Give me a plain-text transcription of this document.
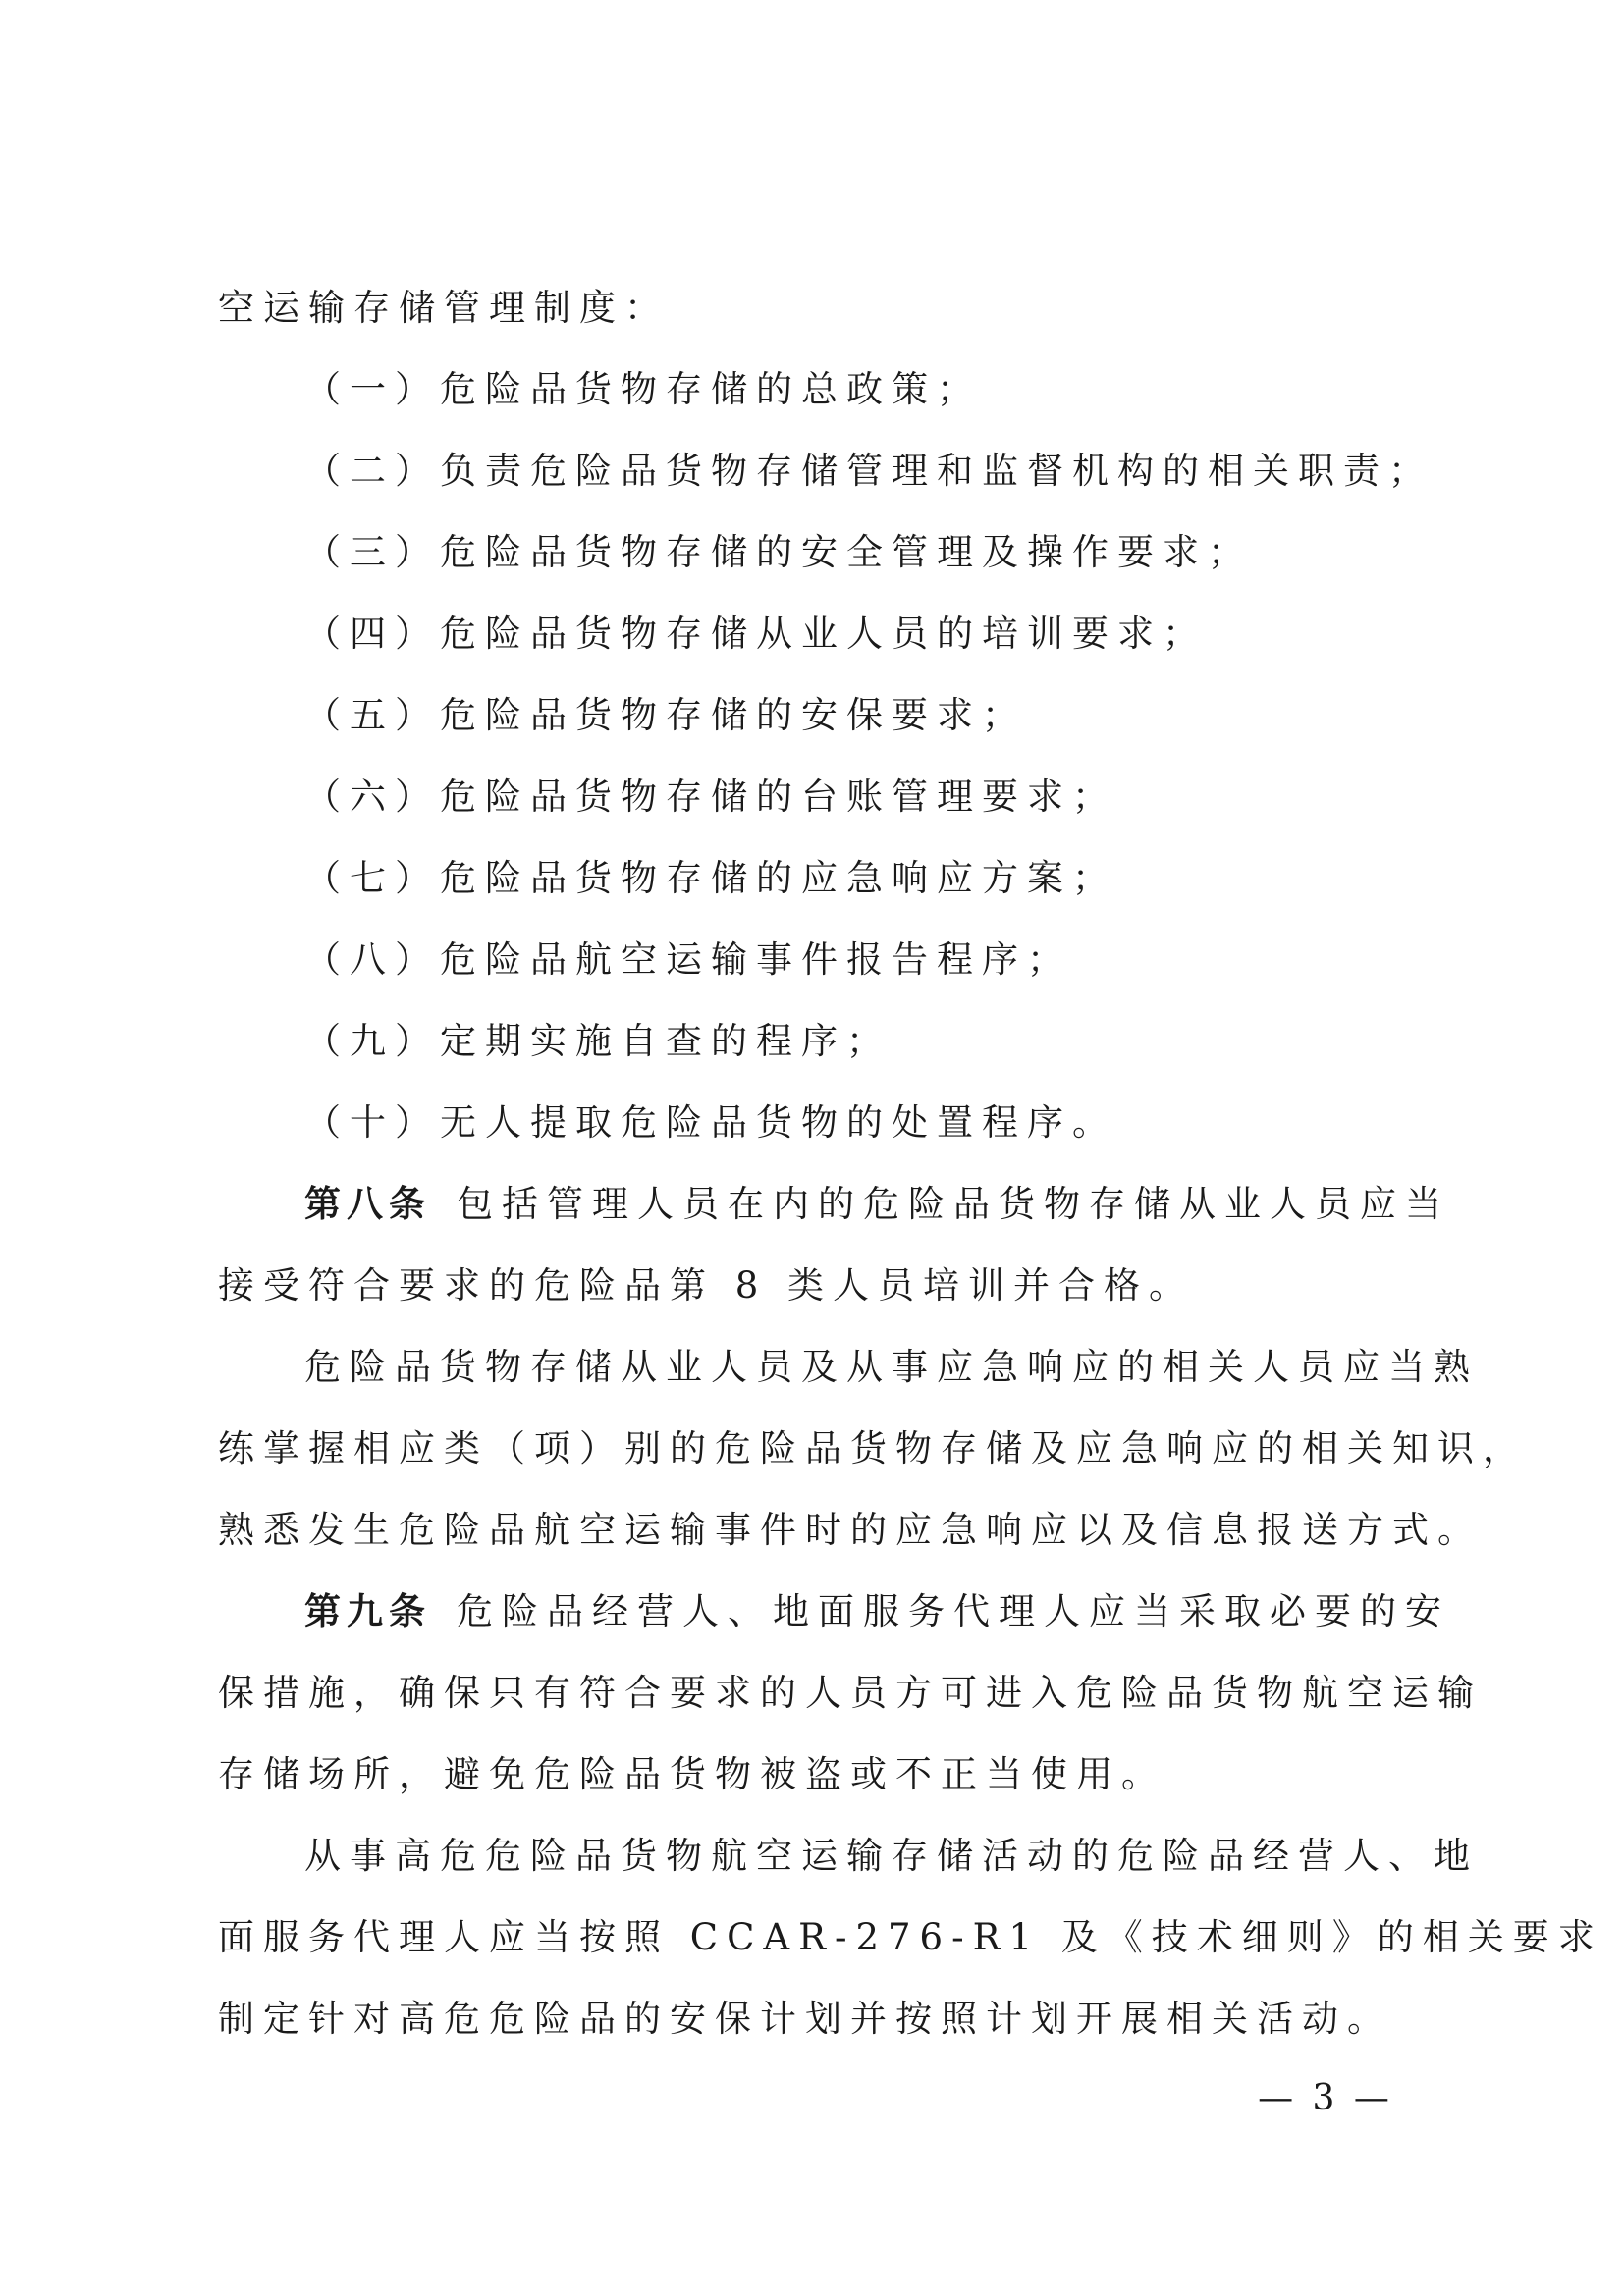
空运输存储管理制度：
（一）危险品货物存储的总政策；
（二）负责危险品货物存储管理和监督机构的相关职责；
（三）危险品货物存储的安全管理及操作要求；
（四）危险品货物存储从业人员的培训要求；
（五）危险品货物存储的安保要求；
（六）危险品货物存储的台账管理要求；
（七）危险品货物存储的应急响应方案；
（八）危险品航空运输事件报告程序；
（九）定期实施自查的程序；
（十）无人提取危险品货物的处置程序。
第八条 包括管理人员在内的危险品货物存储从业人员应当
接受符合要求的危险品第 8 类人员培训并合格。
危险品货物存储从业人员及从事应急响应的相关人员应当熟
练掌握相应类（项）别的危险品货物存储及应急响应的相关知识，
熟悉发生危险品航空运输事件时的应急响应以及信息报送方式。
第九条 危险品经营人、地面服务代理人应当采取必要的安
保措施，确保只有符合要求的人员方可进入危险品货物航空运输
存储场所，避免危险品货物被盗或不正当使用。
从事高危危险品货物航空运输存储活动的危险品经营人、地
面服务代理人应当按照 CCAR-276-R1 及《技术细则》的相关要求
制定针对高危危险品的安保计划并按照计划开展相关活动。
— 3 —
